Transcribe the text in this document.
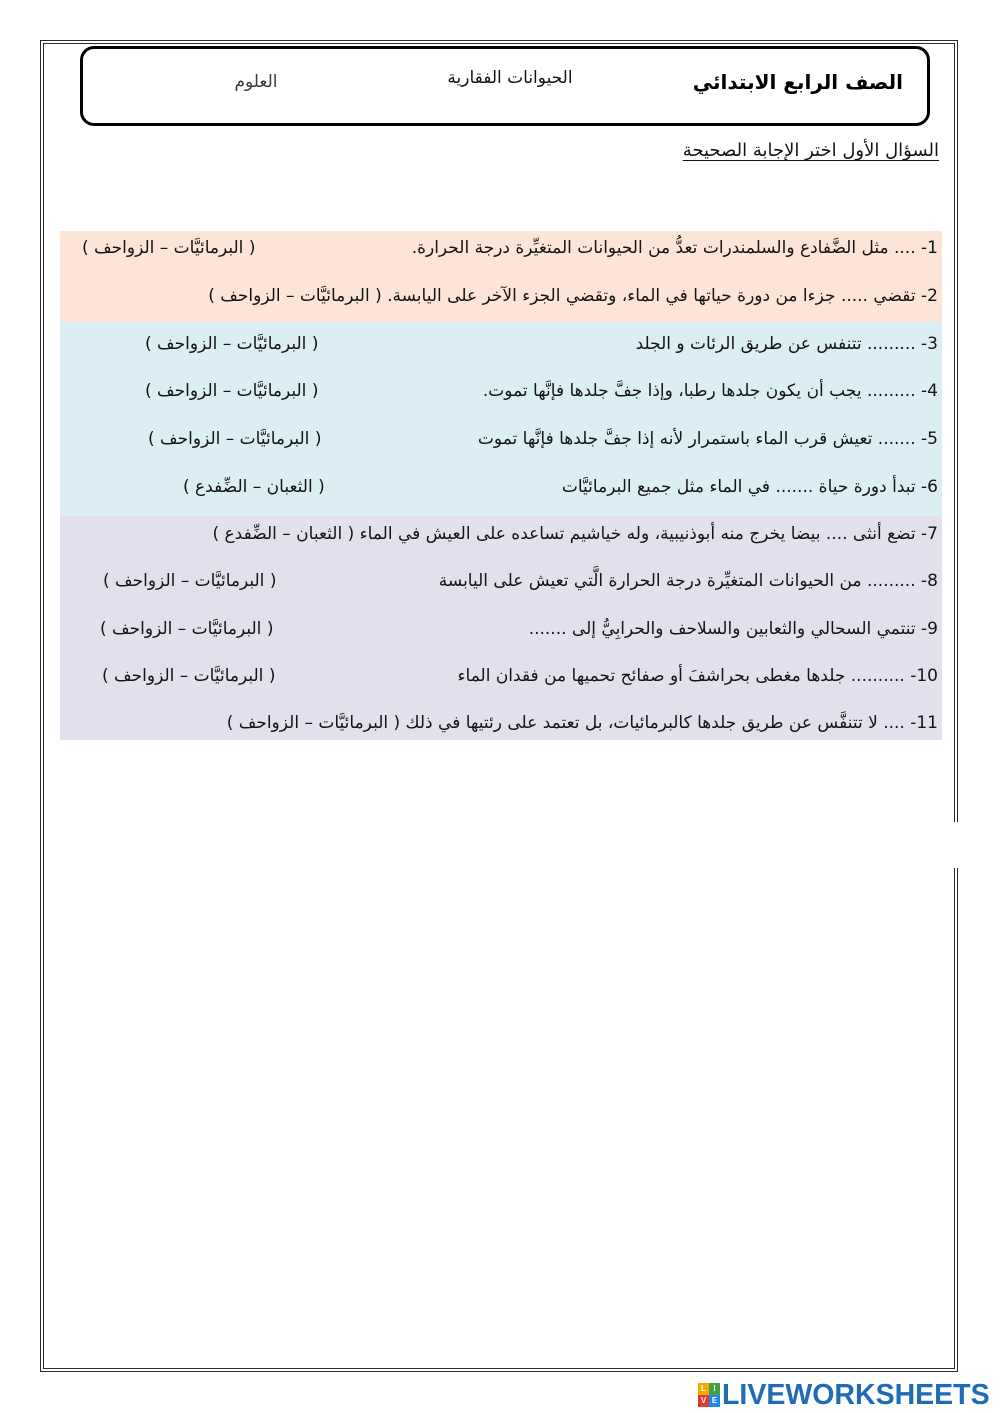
الصف الرابع الابتدائي
الحيوانات الفقارية
العلوم
السؤال الأول اختر الإجابة الصحيحة
1- .... مثل الضَّفادع والسلمندرات تعدُّ من الحيوانات المتغيِّرة درجة الحرارة.
( البرمائيَّات – الزواحف )
2- تقضي ..... جزءا من دورة حياتها في الماء، وتقضي الجزء الآخر على اليابسة. ( البرمائيَّات – الزواحف )
3- ......... تتنفس عن طريق الرئات و الجلد
( البرمائيَّات – الزواحف )
4- ......... يجب أن يكون جلدها رطبا، وإذا جفَّ جلدها فإنَّها تموت.
( البرمائيَّات – الزواحف )
5- ....... تعيش قرب الماء باستمرار لأنه إذا جفَّ جلدها فإنَّها تموت
( البرمائيَّات – الزواحف )
6- تبدأ دورة حياة ....... في الماء مثل جميع البرمائيَّات
( الثعبان – الضِّفدع )
7- تضع أنثى .... بيضا يخرج منه أبوذنيبية، وله خياشيم تساعده على العيش في الماء ( الثعبان – الضِّفدع )
8- ......... من الحيوانات المتغيِّرة درجة الحرارة الَّتي تعيش على اليابسة
( البرمائيَّات – الزواحف )
9- تنتمي السحالي والثعابين والسلاحف والحرابِيُّ إلى .......
( البرمائيَّات – الزواحف )
10- .......... جلدها مغطى بحراشفَ أو صفائح تحميها من فقدان الماء
( البرمائيَّات – الزواحف )
11- .... لا تتنفَّس عن طريق جلدها كالبرمائيات، بل تعتمد على رئتيها في ذلك ( البرمائيَّات – الزواحف )
L I
V E LIVEWORKSHEETS
